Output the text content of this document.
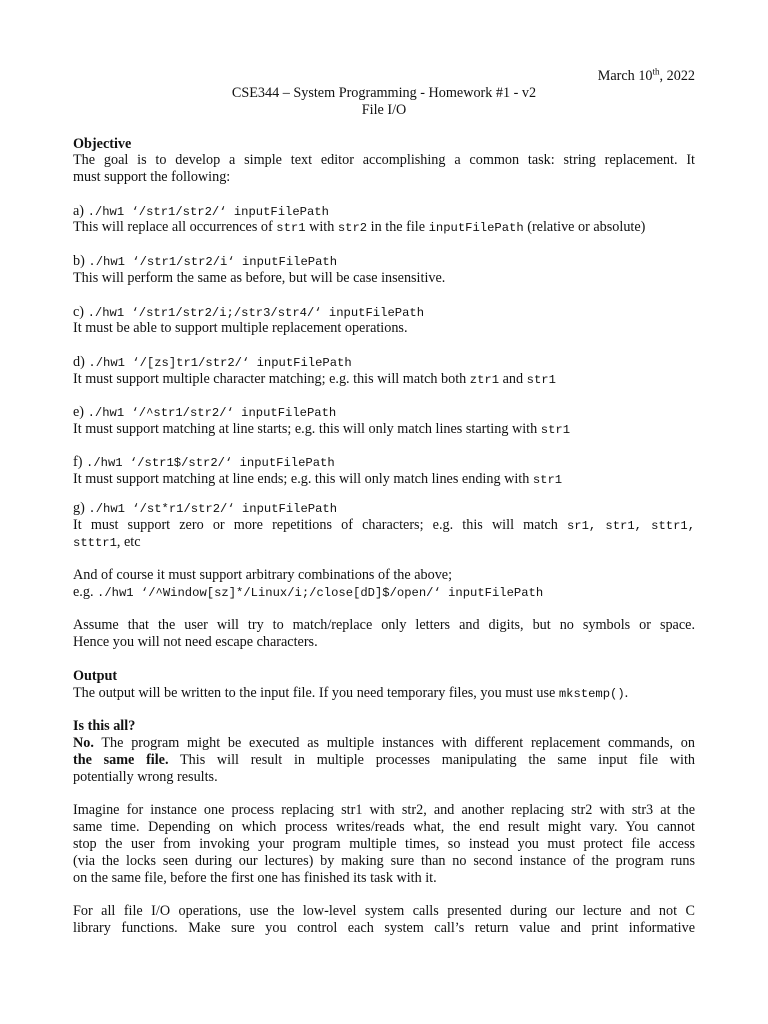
March 10th, 2022
CSE344 – System Programming - Homework #1 - v2
File I/O
Objective
The goal is to develop a simple text editor accomplishing a common task: string replacement. It
must support the following:
a) ./hw1 ‘/str1/str2/‘ inputFilePath
This will replace all occurrences of str1 with str2 in the file inputFilePath (relative or absolute)
b) ./hw1 ‘/str1/str2/i‘ inputFilePath
This will perform the same as before, but will be case insensitive.
c) ./hw1 ‘/str1/str2/i;/str3/str4/‘ inputFilePath
It must be able to support multiple replacement operations.
d) ./hw1 ‘/[zs]tr1/str2/‘ inputFilePath
It must support multiple character matching; e.g. this will match both ztr1 and str1
e) ./hw1 ‘/^str1/str2/‘ inputFilePath
It must support matching at line starts; e.g. this will only match lines starting with str1
f) ./hw1 ‘/str1$/str2/‘ inputFilePath
It must support matching at line ends; e.g. this will only match lines ending with str1
g) ./hw1 ‘/st*r1/str2/‘ inputFilePath
It must support zero or more repetitions of characters; e.g. this will match sr1, str1, sttr1,
stttr1, etc
And of course it must support arbitrary combinations of the above;
e.g. ./hw1 ‘/^Window[sz]*/Linux/i;/close[dD]$/open/‘ inputFilePath
Assume that the user will try to match/replace only letters and digits, but no symbols or space.
Hence you will not need escape characters.
Output
The output will be written to the input file. If you need temporary files, you must use mkstemp().
Is this all?
No. The program might be executed as multiple instances with different replacement commands, on
the same file. This will result in multiple processes manipulating the same input file with
potentially wrong results.
Imagine for instance one process replacing str1 with str2, and another replacing str2 with str3 at the
same time. Depending on which process writes/reads what, the end result might vary. You cannot
stop the user from invoking your program multiple times, so instead you must protect file access
(via the locks seen during our lectures) by making sure than no second instance of the program runs
on the same file, before the first one has finished its task with it.
For all file I/O operations, use the low-level system calls presented during our lecture and not C
library functions. Make sure you control each system call’s return value and print informative
